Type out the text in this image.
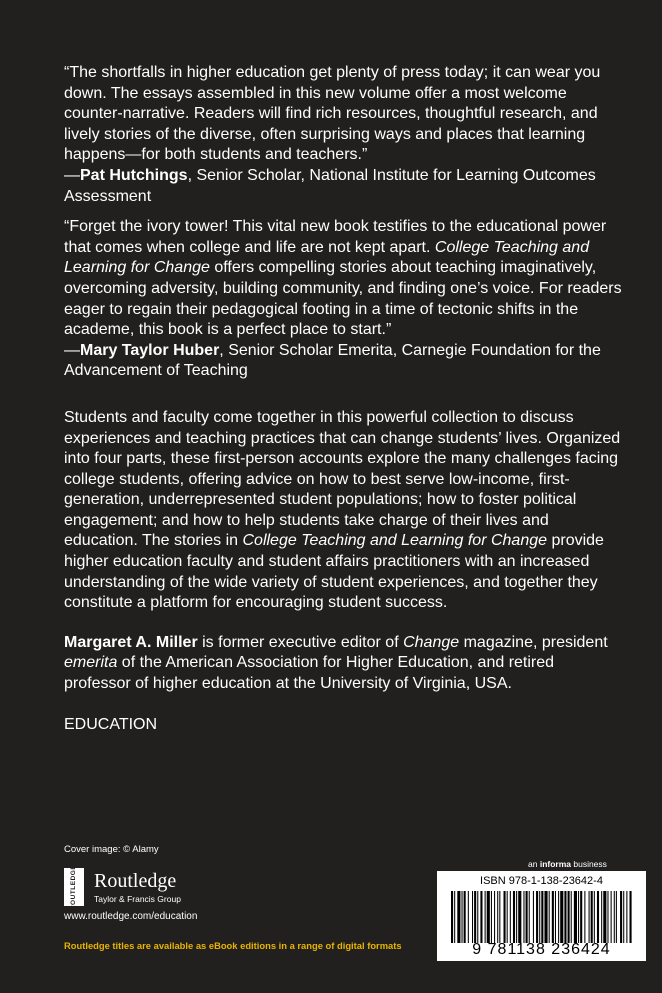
“The shortfalls in higher education get plenty of press today; it can wear you down. The essays assembled in this new volume offer a most welcome counter-narrative. Readers will find rich resources, thoughtful research, and lively stories of the diverse, often surprising ways and places that learning happens—for both students and teachers.”
—Pat Hutchings, Senior Scholar, National Institute for Learning Outcomes Assessment

“Forget the ivory tower! This vital new book testifies to the educational power that comes when college and life are not kept apart. College Teaching and Learning for Change offers compelling stories about teaching imaginatively, overcoming adversity, building community, and finding one’s voice. For readers eager to regain their pedagogical footing in a time of tectonic shifts in the academe, this book is a perfect place to start.”
—Mary Taylor Huber, Senior Scholar Emerita, Carnegie Foundation for the Advancement of Teaching

Students and faculty come together in this powerful collection to discuss experiences and teaching practices that can change students’ lives. Organized into four parts, these first-person accounts explore the many challenges facing college students, offering advice on how to best serve low-income, first-generation, underrepresented student populations; how to foster political engagement; and how to help students take charge of their lives and education. The stories in College Teaching and Learning for Change provide higher education faculty and student affairs practitioners with an increased understanding of the wide variety of student experiences, and together they constitute a platform for encouraging student success.

Margaret A. Miller is former executive editor of Change magazine, president emerita of the American Association for Higher Education, and retired professor of higher education at the University of Virginia, USA.

EDUCATION

Cover image: © Alamy
ROUTLEDGE Routledge
Taylor & Francis Group
www.routledge.com/education
Routledge titles are available as eBook editions in a range of digital formats
an informa business
ISBN 978-1-138-23642-4
9 781138 236424
